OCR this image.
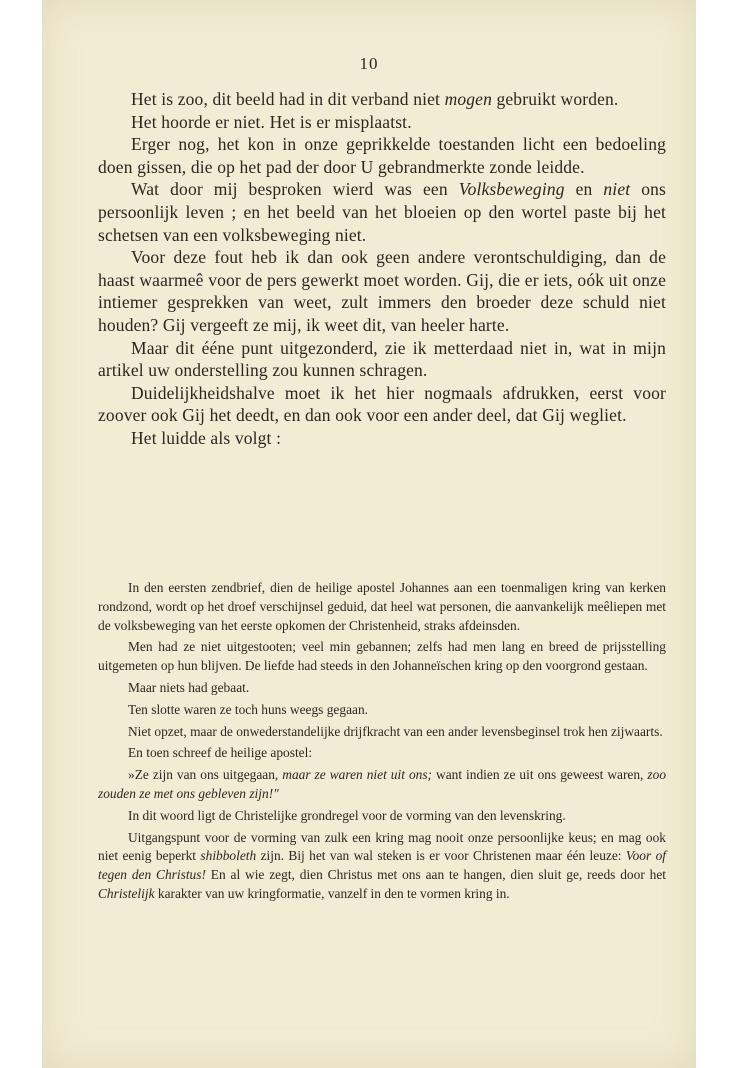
10

Het is zoo, dit beeld had in dit verband niet mogen gebruikt worden.

Het hoorde er niet. Het is er misplaatst.

Erger nog, het kon in onze geprikkelde toestanden licht een bedoeling doen gissen, die op het pad der door U gebrandmerkte zonde leidde.

Wat door mij besproken wierd was een Volksbeweging en niet ons persoonlijk leven ; en het beeld van het bloeien op den wortel paste bij het schetsen van een volksbeweging niet.

Voor deze fout heb ik dan ook geen andere verontschuldiging, dan de haast waarmeê voor de pers gewerkt moet worden. Gij, die er iets, oók uit onze intiemer gesprekken van weet, zult immers den broeder deze schuld niet houden? Gij vergeeft ze mij, ik weet dit, van heeler harte.

Maar dit éénе punt uitgezonderd, zie ik metterdaad niet in, wat in mijn artikel uw onderstelling zou kunnen schragen.

Duidelijkheidshalve moet ik het hier nogmaals afdrukken, eerst voor zoover ook Gij het deedt, en dan ook voor een ander deel, dat Gij wegliet.

Het luidde als volgt :

In den eersten zendbrief, dien de heilige apostel Johannes aan een toenmaligen kring van kerken rondzond, wordt op het droef verschijnsel geduid, dat heel wat personen, die aanvankelijk meêliepen met de volksbeweging van het eerste opkomen der Christenheid, straks afdeinsden.

Men had ze niet uitgestooten; veel min gebannen; zelfs had men lang en breed de prijsstelling uitgemeten op hun blijven. De liefde had steeds in den Johanneïschen kring op den voorgrond gestaan.

Maar niets had gebaat.

Ten slotte waren ze toch huns weegs gegaan.

Niet opzet, maar de onwederstandelijke drijfkracht van een ander levensbeginsel trok hen zijwaarts.

En toen schreef de heilige apostel:

»Ze zijn van ons uitgegaan, maar ze waren niet uit ons; want indien ze uit ons geweest waren, zoo zouden ze met ons gebleven zijn!"

In dit woord ligt de Christelijke grondregel voor de vorming van den levenskring.

Uitgangspunt voor de vorming van zulk een kring mag nooit onze persoonlijke keus; en mag ook niet eenig beperkt shibboleth zijn. Bij het van wal steken is er voor Christenen maar één leuze: Voor of tegen den Christus! En al wie zegt, dien Christus met ons aan te hangen, dien sluit ge, reeds door het Christelijk karakter van uw kringformatie, vanzelf in den te vormen kring in.
